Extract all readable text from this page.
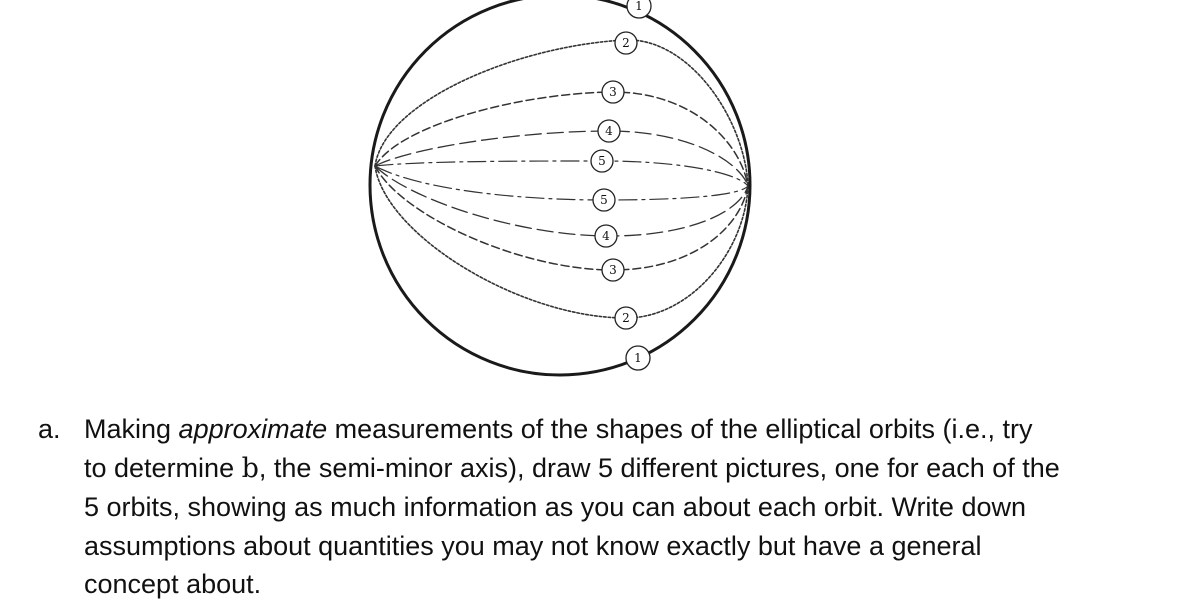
1
2
3
4
5
5
4
3
2
1
a. Making approximate measurements of the shapes of the elliptical orbits (i.e., try
to determine b, the semi-minor axis), draw 5 different pictures, one for each of the
5 orbits, showing as much information as you can about each orbit. Write down
assumptions about quantities you may not know exactly but have a general
concept about.
